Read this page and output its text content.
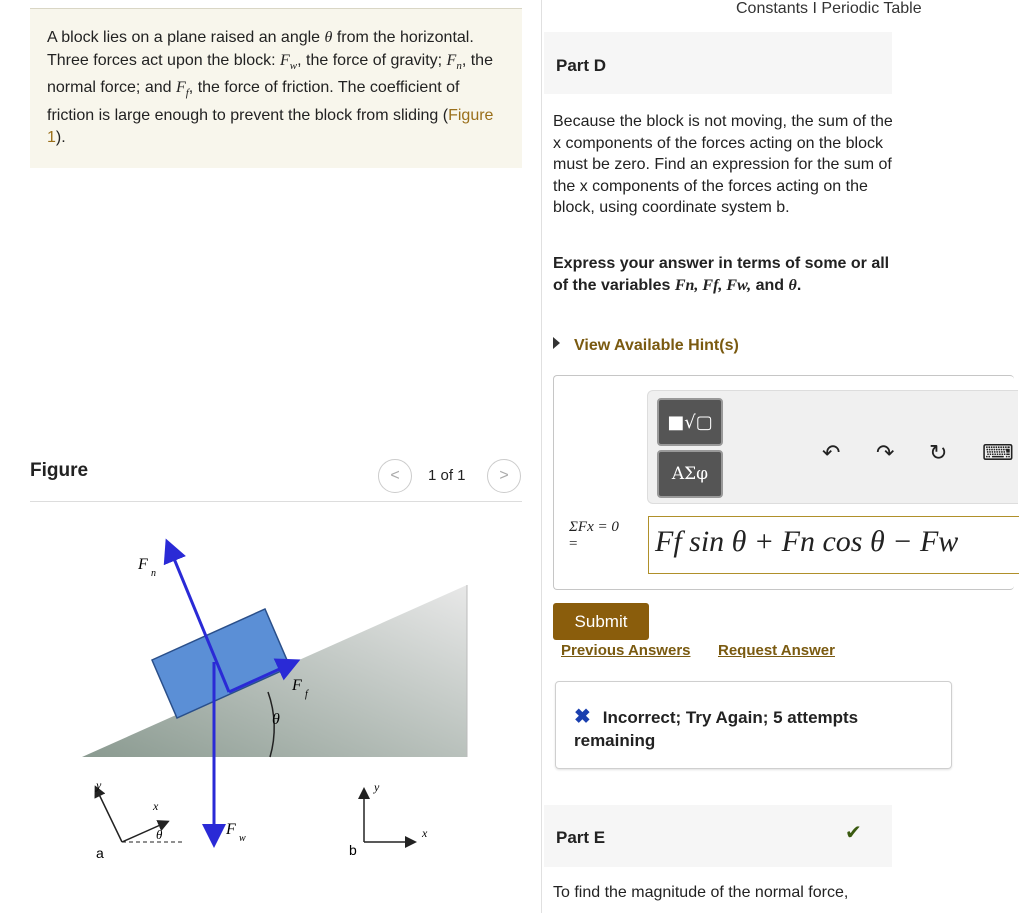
A block lies on a plane raised an angle θ from the horizontal. Three forces act upon the block: $F_w$, the force of gravity; $F_n$, the normal force; and $F_f$, the force of friction. The coefficient of friction is large enough to prevent the block from sliding (Figure 1).

Figure	< 1 of 1 >
θ
F
n
F
f
F
w
y
x
θ
a
y
x
b
Constants I Periodic Table
Part D
Because the block is not moving, the sum of the x components of the forces acting on the block must be zero. Find an expression for the sum of the x components of the forces acting on the block, using coordinate system b.
Express your answer in terms of some or all of the variables Fn, Ff, Fw, and θ.
View Available Hint(s)
■√▢
ΑΣφ
↶ ↷ ↻ ⌨
ΣFx = 0
=	Ff sin θ + Fn cos θ − Fw
Submit
Previous Answers Request Answer
✖ Incorrect; Try Again; 5 attempts remaining
Part E	✔
To find the magnitude of the normal force,
